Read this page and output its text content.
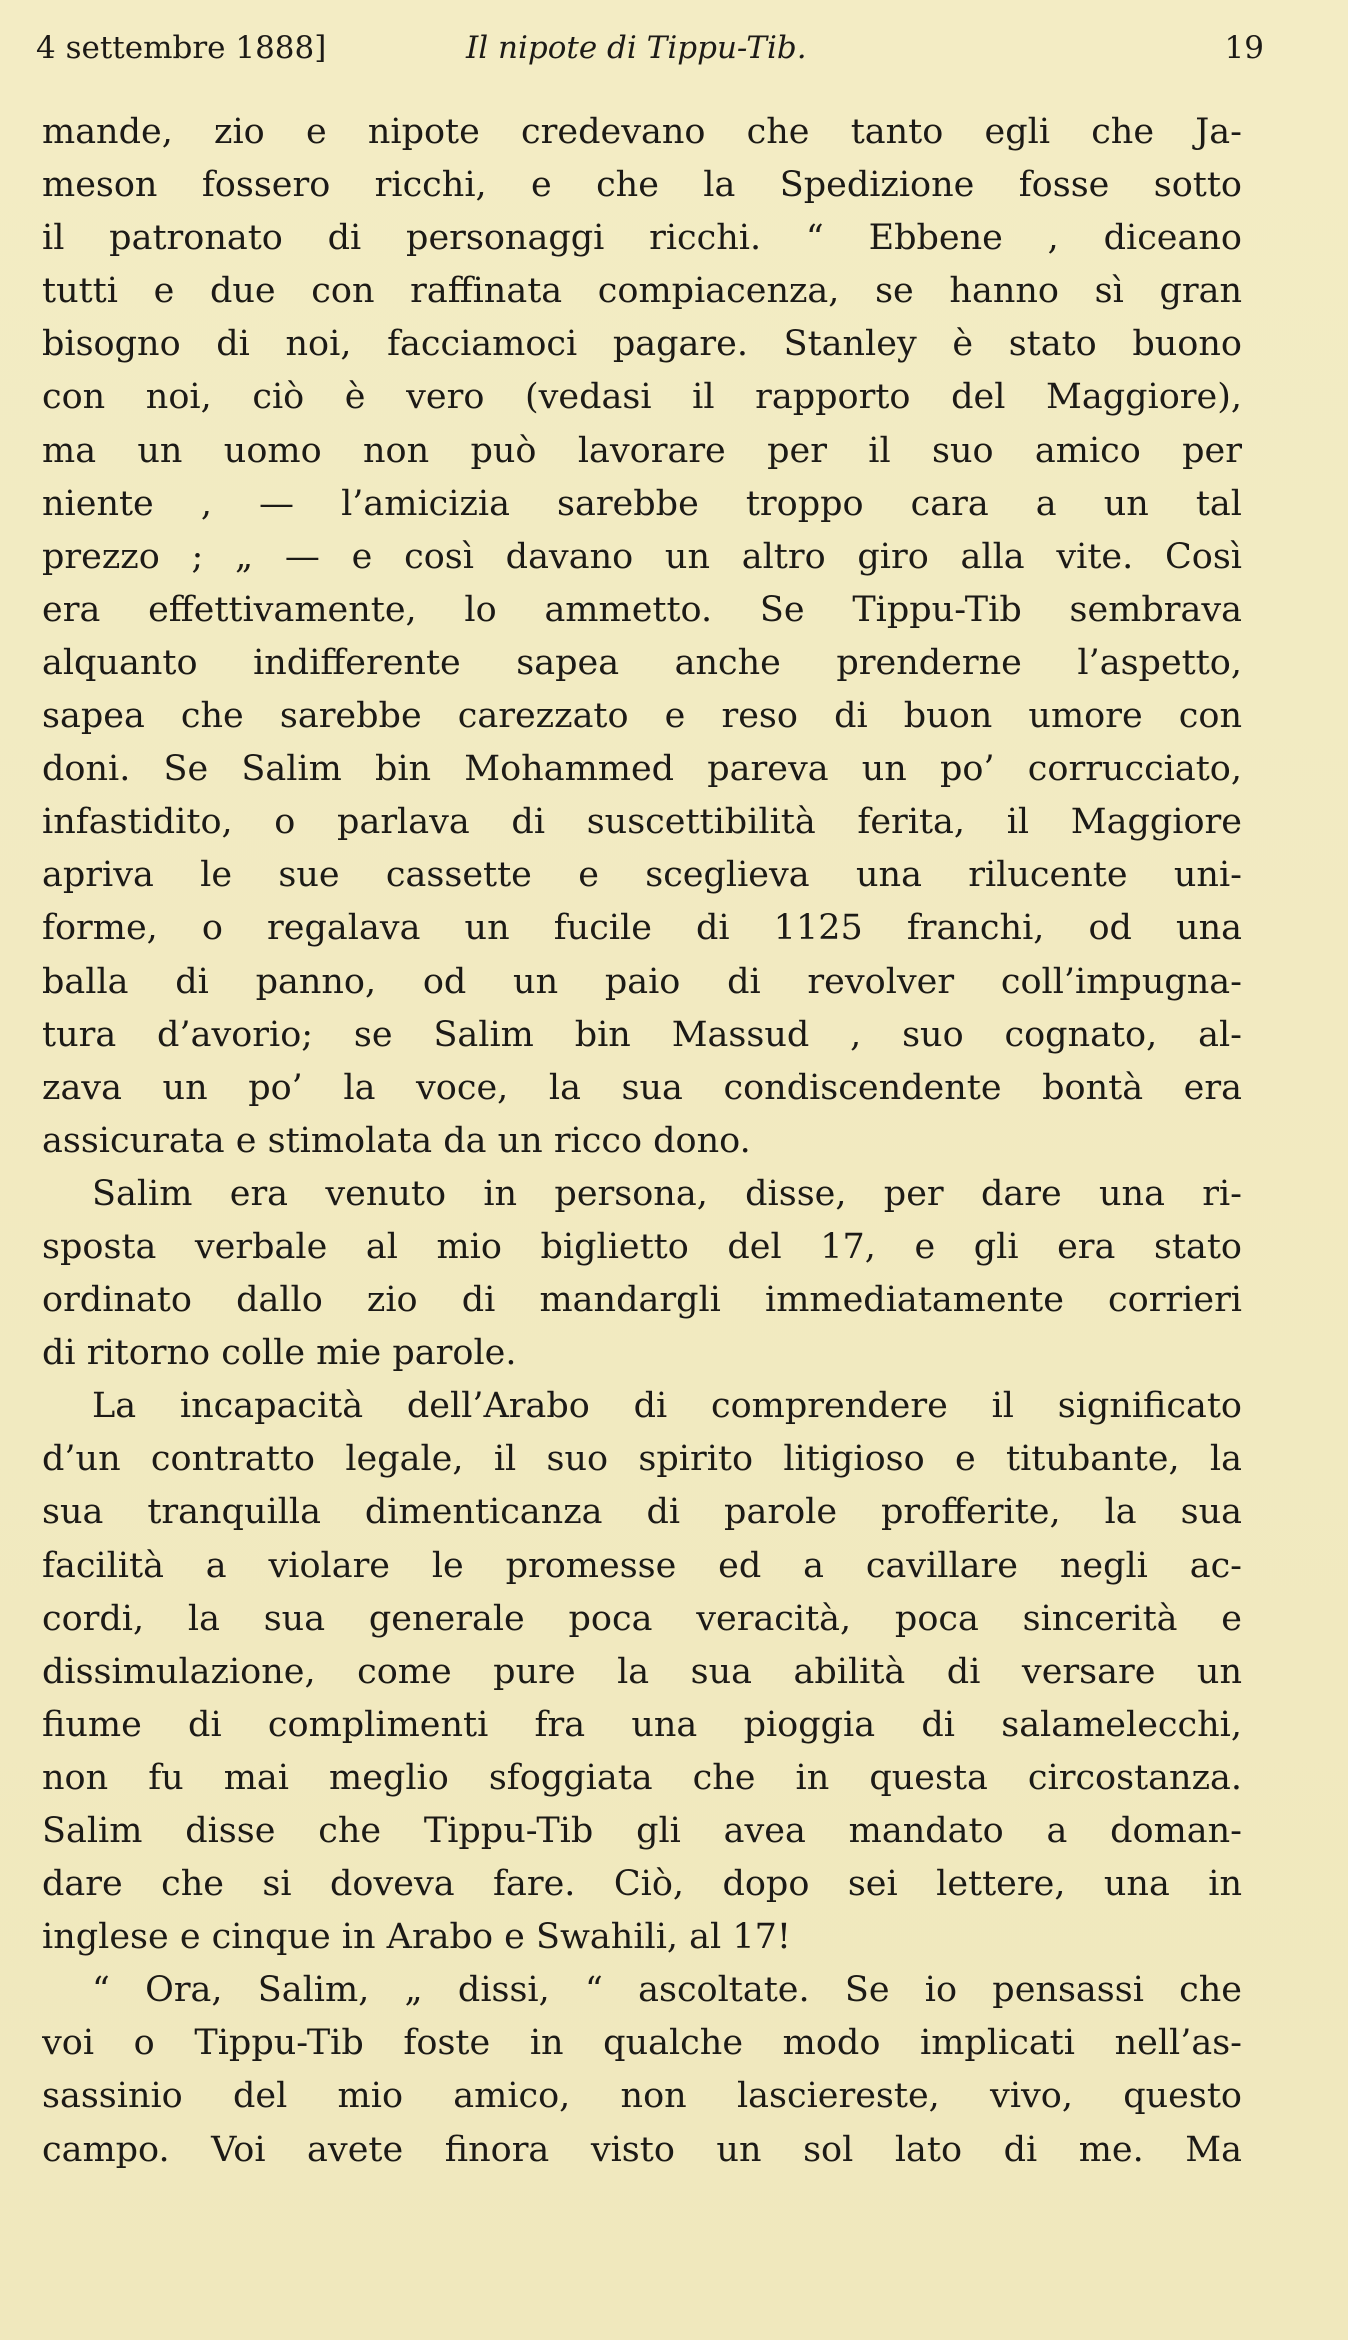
4 settembre 1888]	Il nipote di Tippu-Tib.	19
mande, zio e nipote credevano che tanto egli che Ja-
meson fossero ricchi, e che la Spedizione fosse sotto
il patronato di personaggi ricchi. “ Ebbene , diceano
tutti e due con raffinata compiacenza, se hanno sì gran
bisogno di noi, facciamoci pagare. Stanley è stato buono
con noi, ciò è vero (vedasi il rapporto del Maggiore),
ma un uomo non può lavorare per il suo amico per
niente , — l’amicizia sarebbe troppo cara a un tal
prezzo ; „ — e così davano un altro giro alla vite. Così
era effettivamente, lo ammetto. Se Tippu-Tib sembrava
alquanto indifferente sapea anche prenderne l’aspetto,
sapea che sarebbe carezzato e reso di buon umore con
doni. Se Salim bin Mohammed pareva un po’ corrucciato,
infastidito, o parlava di suscettibilità ferita, il Maggiore
apriva le sue cassette e sceglieva una rilucente uni-
forme, o regalava un fucile di 1125 franchi, od una
balla di panno, od un paio di revolver coll’impugna-
tura d’avorio; se Salim bin Massud , suo cognato, al-
zava un po’ la voce, la sua condiscendente bontà era
assicurata e stimolata da un ricco dono.
Salim era venuto in persona, disse, per dare una ri-
sposta verbale al mio biglietto del 17, e gli era stato
ordinato dallo zio di mandargli immediatamente corrieri
di ritorno colle mie parole.
La incapacità dell’Arabo di comprendere il significato
d’un contratto legale, il suo spirito litigioso e titubante, la
sua tranquilla dimenticanza di parole profferite, la sua
facilità a violare le promesse ed a cavillare negli ac-
cordi, la sua generale poca veracità, poca sincerità e
dissimulazione, come pure la sua abilità di versare un
fiume di complimenti fra una pioggia di salamelecchi,
non fu mai meglio sfoggiata che in questa circostanza.
Salim disse che Tippu-Tib gli avea mandato a doman-
dare che si doveva fare. Ciò, dopo sei lettere, una in
inglese e cinque in Arabo e Swahili, al 17!
“ Ora, Salim, „ dissi, “ ascoltate. Se io pensassi che
voi o Tippu-Tib foste in qualche modo implicati nell’as-
sassinio del mio amico, non lasciereste, vivo, questo
campo. Voi avete finora visto un sol lato di me. Ma
